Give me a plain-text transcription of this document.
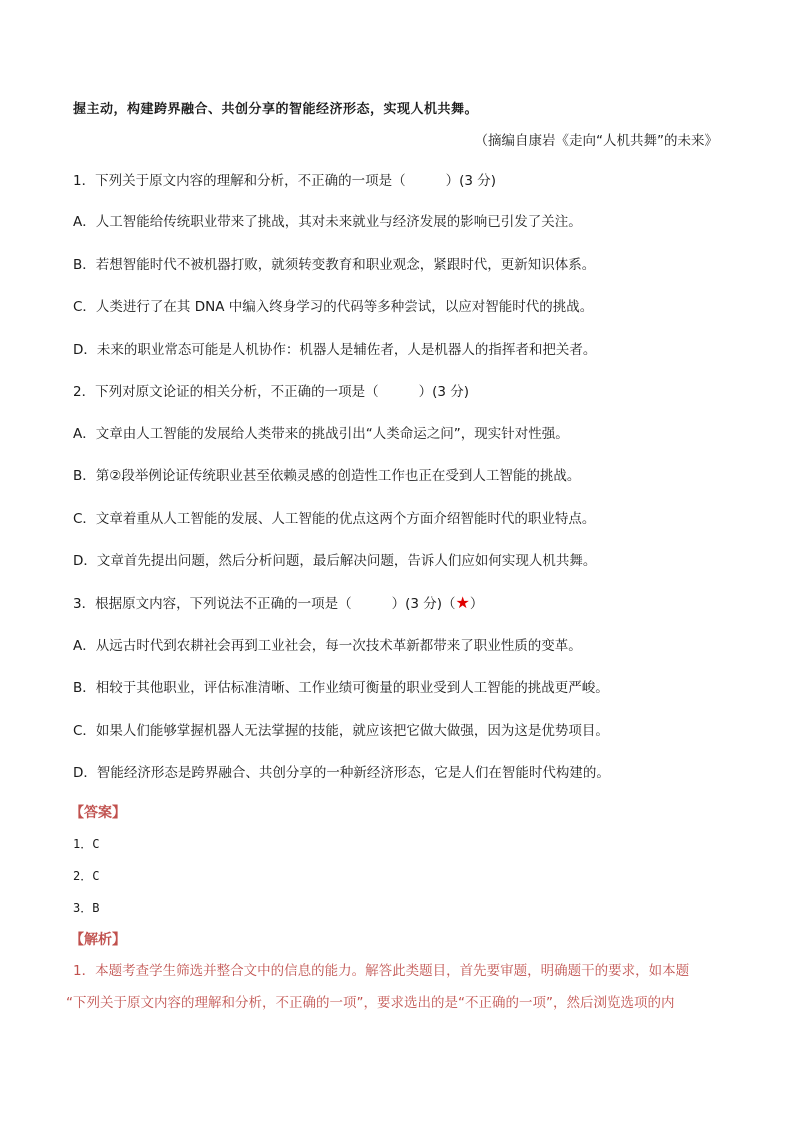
握主动，构建跨界融合、共创分享的智能经济形态，实现人机共舞。
（摘编自康岩《走向“人机共舞”的未来》
1．下列关于原文内容的理解和分析，不正确的一项是（	）(3 分)
A．人工智能给传统职业带来了挑战，其对未来就业与经济发展的影响已引发了关注。
B．若想智能时代不被机器打败，就须转变教育和职业观念，紧跟时代，更新知识体系。
C．人类进行了在其 DNA 中编入终身学习的代码等多种尝试，以应对智能时代的挑战。
D．未来的职业常态可能是人机协作：机器人是辅佐者，人是机器人的指挥者和把关者。
2．下列对原文论证的相关分析，不正确的一项是（	）(3 分)
A．文章由人工智能的发展给人类带来的挑战引出“人类命运之问”，现实针对性强。
B．第②段举例论证传统职业甚至依赖灵感的创造性工作也正在受到人工智能的挑战。
C．文章着重从人工智能的发展、人工智能的优点这两个方面介绍智能时代的职业特点。
D．文章首先提出问题，然后分析问题，最后解决问题，告诉人们应如何实现人机共舞。
3．根据原文内容，下列说法不正确的一项是（	）(3 分)（★）
A．从远古时代到农耕社会再到工业社会，每一次技术革新都带来了职业性质的变革。
B．相较于其他职业，评估标准清晰、工作业绩可衡量的职业受到人工智能的挑战更严峻。
C．如果人们能够掌握机器人无法掌握的技能，就应该把它做大做强，因为这是优势项目。
D．智能经济形态是跨界融合、共创分享的一种新经济形态，它是人们在智能时代构建的。
【答案】
1．C
2．C
3．B
【解析】
1．本题考查学生筛选并整合文中的信息的能力。解答此类题目，首先要审题，明确题干的要求，如本题
“下列关于原文内容的理解和分析，不正确的一项”，要求选出的是“不正确的一项”，然后浏览选项的内
